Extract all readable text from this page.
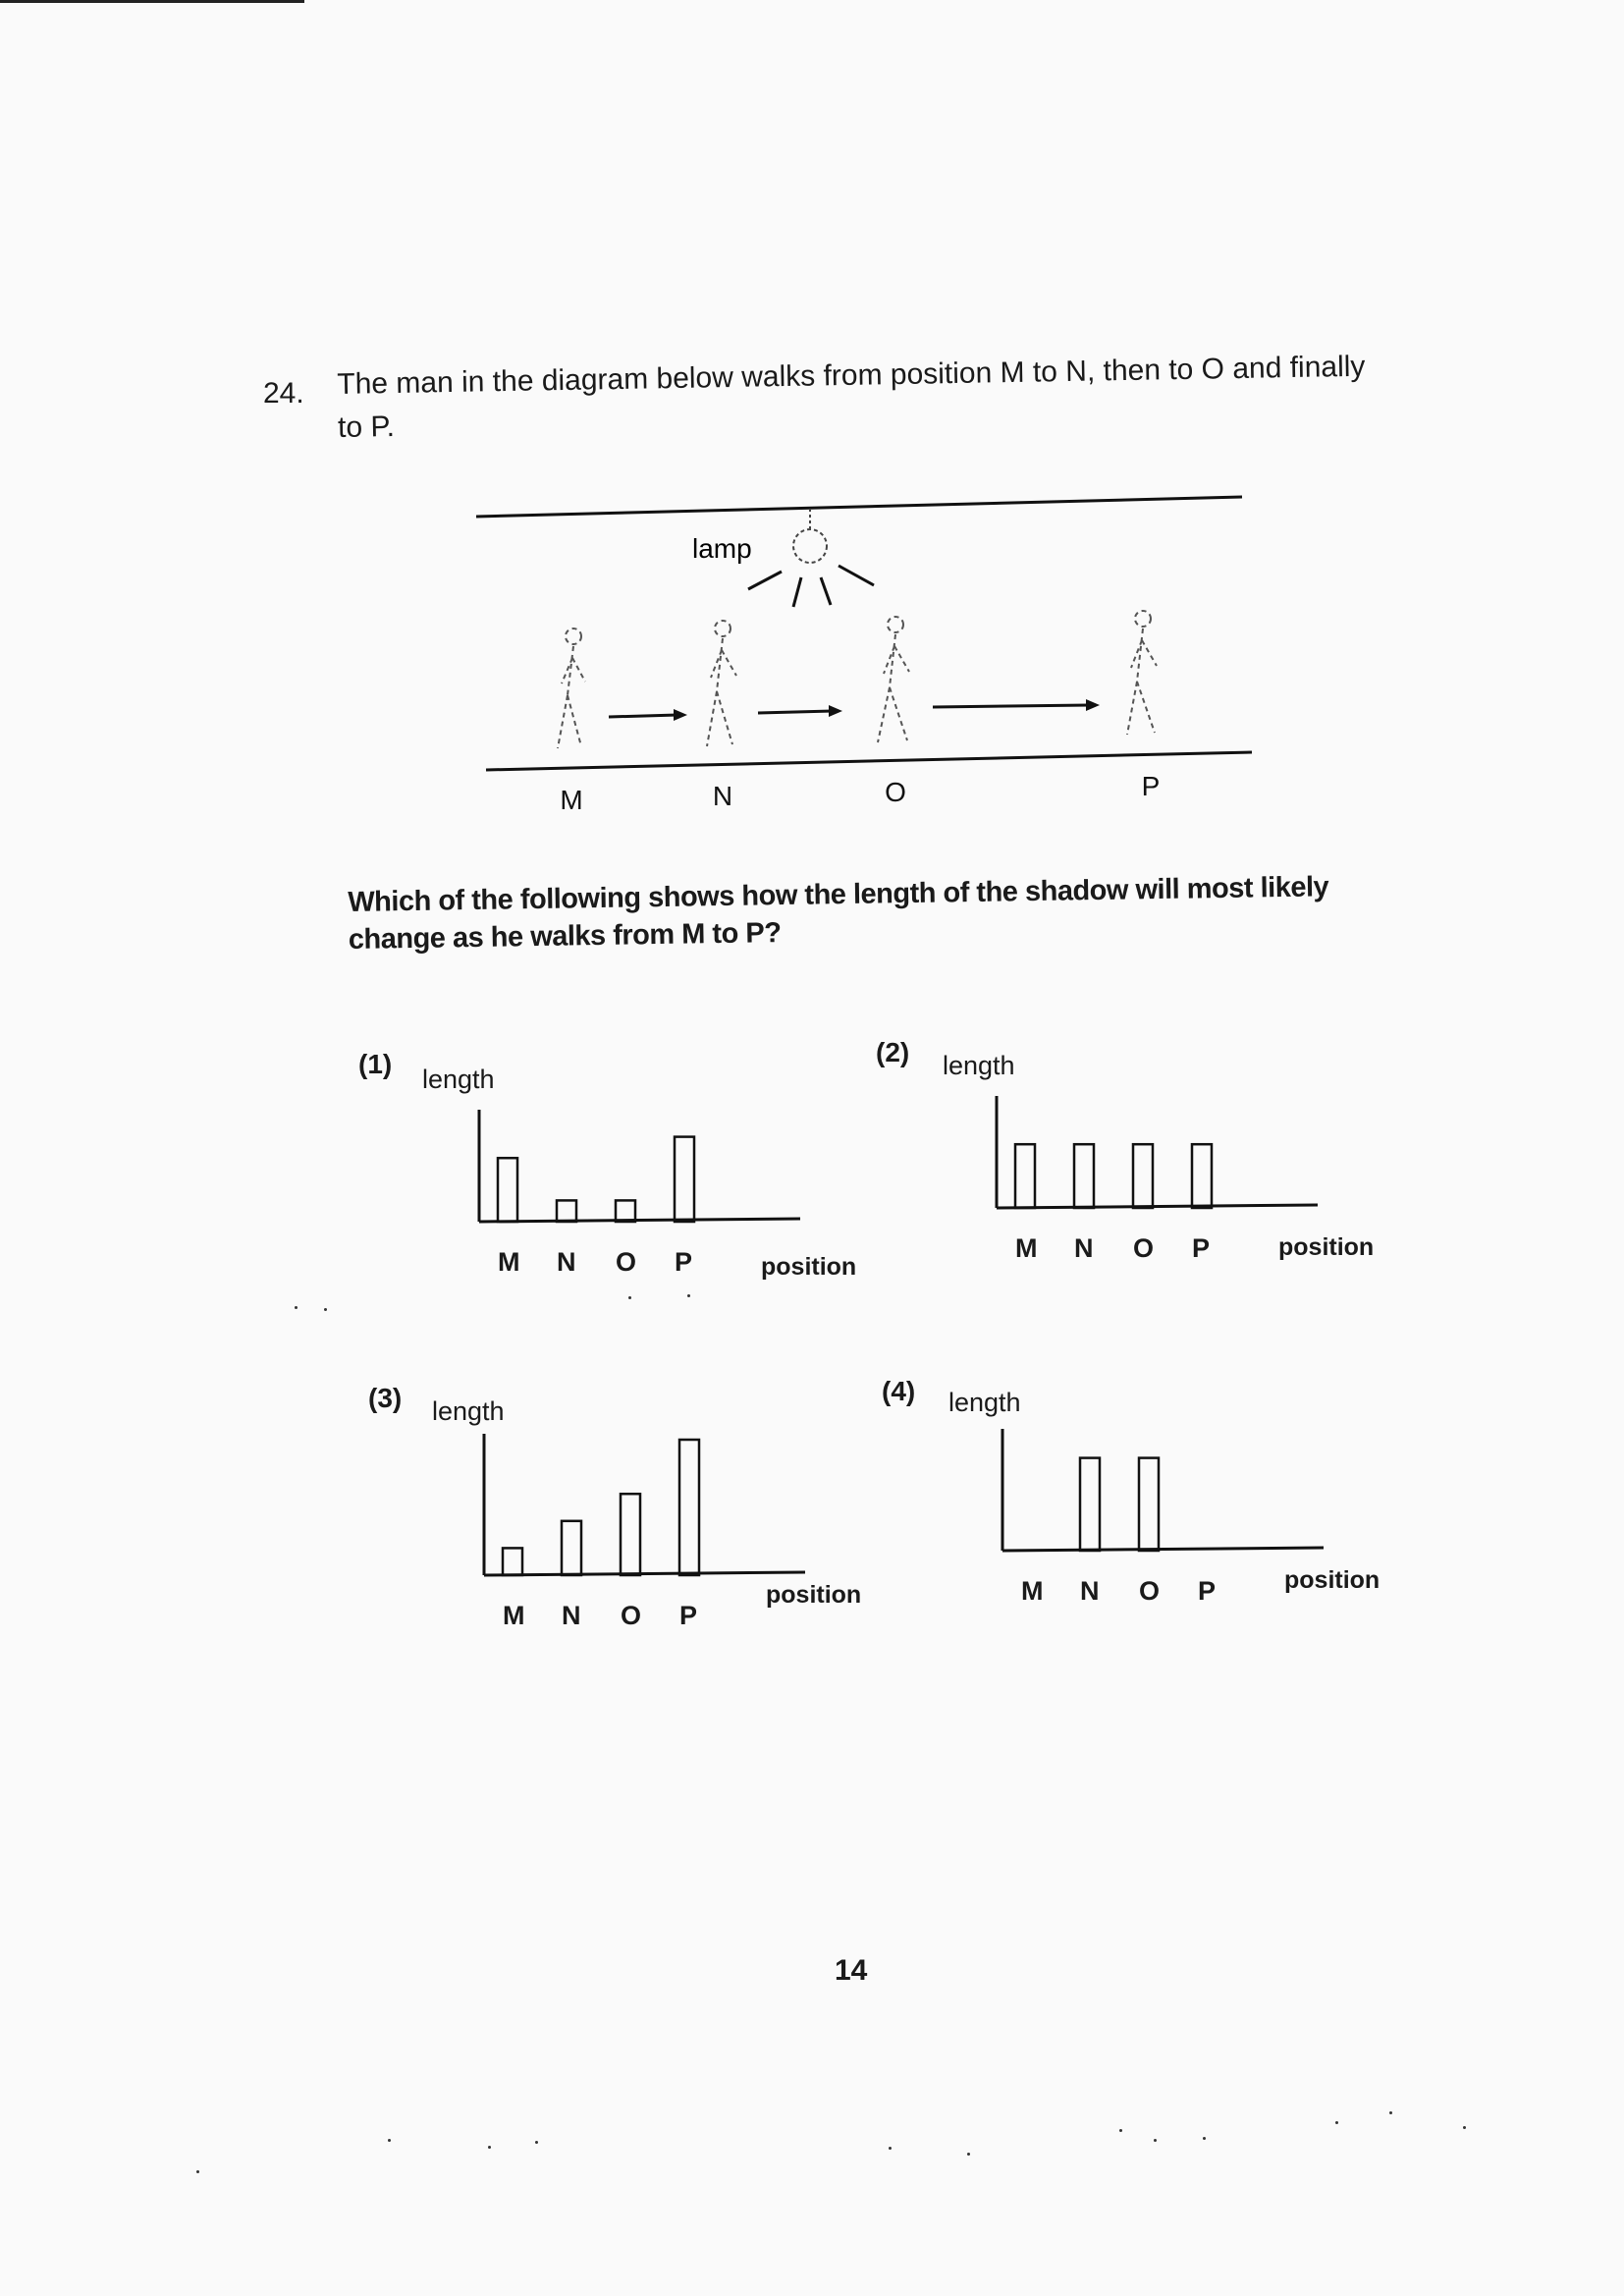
24. The man in the diagram below walks from position M to N, then to O and finally to P.
lamp
M	N	O	P
Which of the following shows how the length of the shadow will most likely change as he walks from M to P?
(1) length
position
M N O P
(2) length
position
M N O P
(3) length
position
M N O P
(4) length
position
M N O P
14
